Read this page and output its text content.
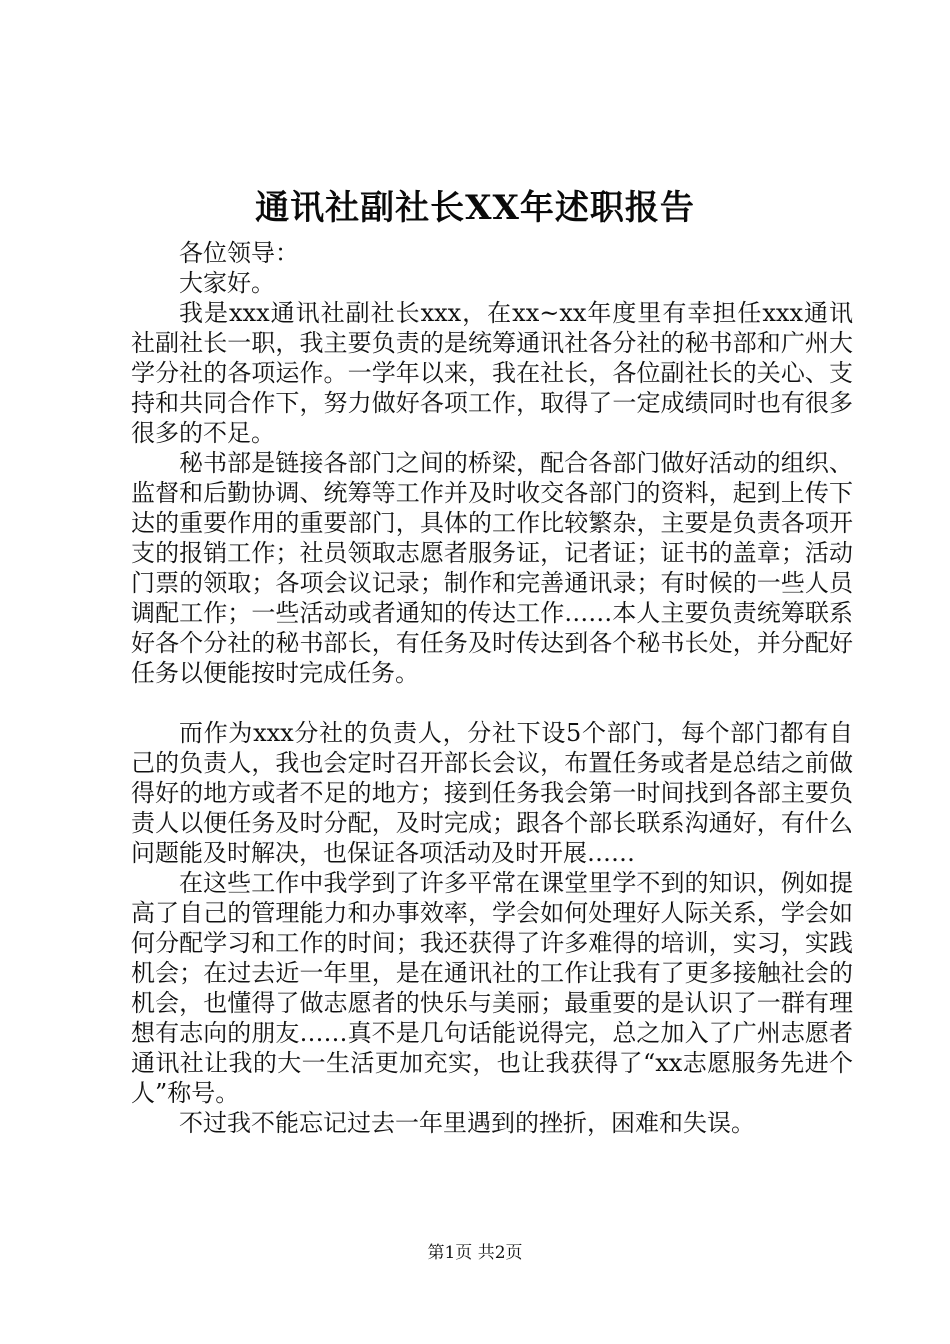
通讯社副社长XX年述职报告

各位领导：

大家好。

我是xxx通讯社副社长xxx，在xx~xx年度里有幸担任xxx通讯社副社长一职，我主要负责的是统筹通讯社各分社的秘书部和广州大学分社的各项运作。一学年以来，我在社长，各位副社长的关心、支持和共同合作下，努力做好各项工作，取得了一定成绩同时也有很多很多的不足。

秘书部是链接各部门之间的桥梁，配合各部门做好活动的组织、监督和后勤协调、统筹等工作并及时收交各部门的资料，起到上传下达的重要作用的重要部门，具体的工作比较繁杂，主要是负责各项开支的报销工作；社员领取志愿者服务证，记者证；证书的盖章；活动门票的领取；各项会议记录；制作和完善通讯录；有时候的一些人员调配工作；一些活动或者通知的传达工作……本人主要负责统筹联系好各个分社的秘书部长，有任务及时传达到各个秘书长处，并分配好任务以便能按时完成任务。

而作为xxx分社的负责人，分社下设5个部门，每个部门都有自己的负责人，我也会定时召开部长会议，布置任务或者是总结之前做得好的地方或者不足的地方；接到任务我会第一时间找到各部主要负责人以便任务及时分配，及时完成；跟各个部长联系沟通好，有什么问题能及时解决，也保证各项活动及时开展……

在这些工作中我学到了许多平常在课堂里学不到的知识，例如提高了自己的管理能力和办事效率，学会如何处理好人际关系，学会如何分配学习和工作的时间；我还获得了许多难得的培训，实习，实践机会；在过去近一年里，是在通讯社的工作让我有了更多接触社会的机会，也懂得了做志愿者的快乐与美丽；最重要的是认识了一群有理想有志向的朋友……真不是几句话能说得完，总之加入了广州志愿者通讯社让我的大一生活更加充实，也让我获得了“xx志愿服务先进个人”称号。

不过我不能忘记过去一年里遇到的挫折，困难和失误。

第1页 共2页
